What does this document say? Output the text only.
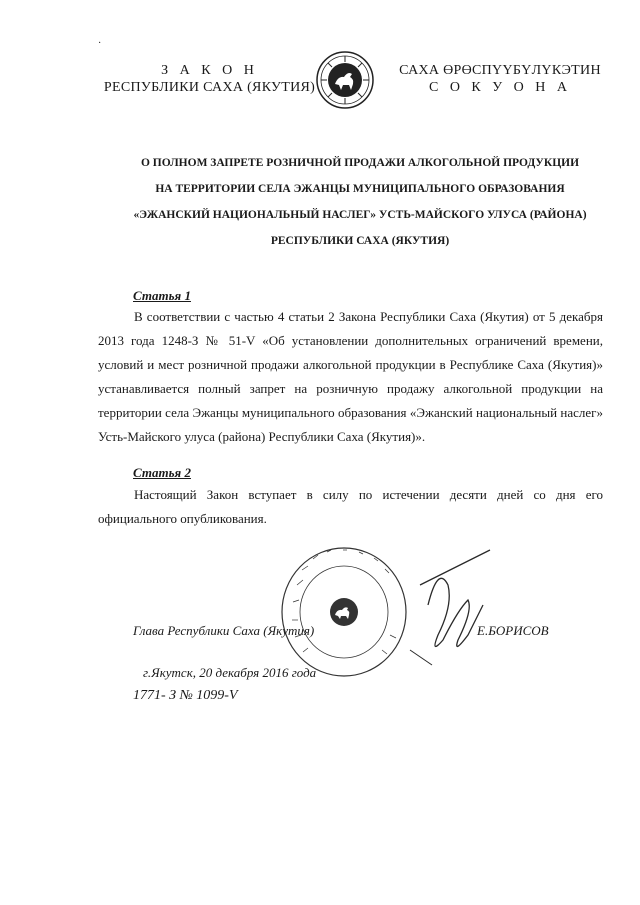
·
З А К О Н
РЕСПУБЛИКИ САХА (ЯКУТИЯ)
САХА ӨРӨСПҮҮБҮЛҮКЭТИН
С О К У О Н А
О ПОЛНОМ ЗАПРЕТЕ РОЗНИЧНОЙ ПРОДАЖИ АЛКОГОЛЬНОЙ ПРОДУКЦИИ
НА ТЕРРИТОРИИ СЕЛА ЭЖАНЦЫ МУНИЦИПАЛЬНОГО ОБРАЗОВАНИЯ
«ЭЖАНСКИЙ НАЦИОНАЛЬНЫЙ НАСЛЕГ» УСТЬ-МАЙСКОГО УЛУСА (РАЙОНА)
РЕСПУБЛИКИ САХА (ЯКУТИЯ)
Статья 1
В соответствии с частью 4 статьи 2 Закона Республики Саха (Якутия) от 5 декабря 2013 года 1248-З № 51-V «Об установлении дополнительных ограничений времени, условий и мест розничной продажи алкогольной продукции в Республике Саха (Якутия)» устанавливается полный запрет на розничную продажу алкогольной продукции на территории села Эжанцы муниципального образования «Эжанский национальный наслег» Усть-Майского улуса (района) Республики Саха (Якутия)».
Статья 2
Настоящий Закон вступает в силу по истечении десяти дней со дня его официального опубликования.
Глава Республики Саха (Якутия)	Е.БОРИСОВ
г.Якутск, 20 декабря 2016 года
1771- З № 1099-V
